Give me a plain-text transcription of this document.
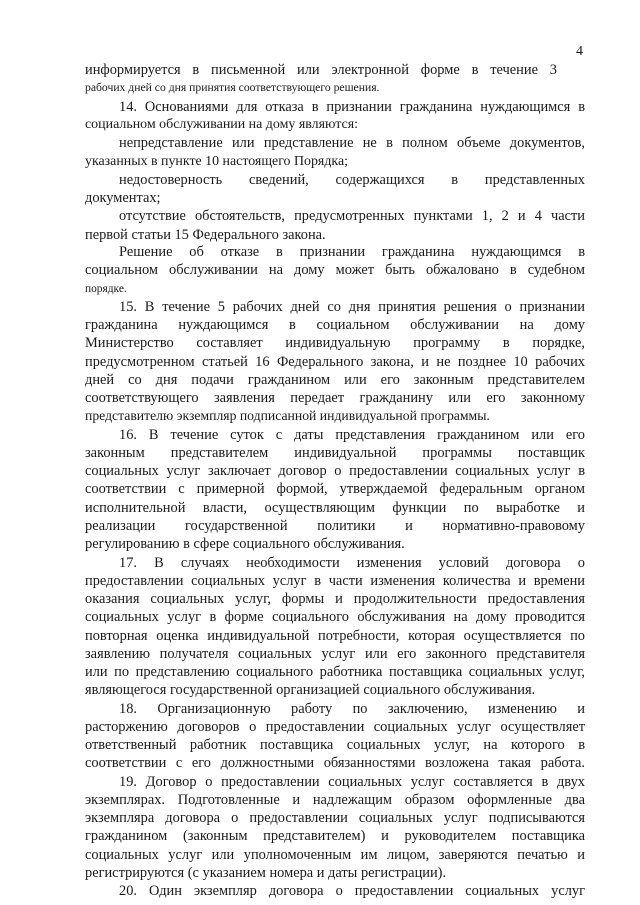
4
информируется в письменной или электронной форме в течение 3
рабочих дней со дня принятия соответствующего решения.
14. Основаниями для отказа в признании гражданина нуждающимся в
социальном обслуживании на дому являются:
непредставление или представление не в полном объеме документов,
указанных в пункте 10 настоящего Порядка;
недостоверность сведений, содержащихся в представленных
документах;
отсутствие обстоятельств, предусмотренных пунктами 1, 2 и 4 части
первой статьи 15 Федерального закона.
Решение об отказе в признании гражданина нуждающимся в
социальном обслуживании на дому может быть обжаловано в судебном
порядке.
15. В течение 5 рабочих дней со дня принятия решения о признании
гражданина нуждающимся в социальном обслуживании на дому
Министерство составляет индивидуальную программу в порядке,
предусмотренном статьей 16 Федерального закона, и не позднее 10 рабочих
дней со дня подачи гражданином или его законным представителем
соответствующего заявления передает гражданину или его законному
представителю экземпляр подписанной индивидуальной программы.
16. В течение суток с даты представления гражданином или его
законным представителем индивидуальной программы поставщик
социальных услуг заключает договор о предоставлении социальных услуг в
соответствии с примерной формой, утверждаемой федеральным органом
исполнительной власти, осуществляющим функции по выработке и
реализации государственной политики и нормативно-правовому
регулированию в сфере социального обслуживания.
17. В случаях необходимости изменения условий договора о
предоставлении социальных услуг в части изменения количества и времени
оказания социальных услуг, формы и продолжительности предоставления
социальных услуг в форме социального обслуживания на дому проводится
повторная оценка индивидуальной потребности, которая осуществляется по
заявлению получателя социальных услуг или его законного представителя
или по представлению социального работника поставщика социальных услуг,
являющегося государственной организацией социального обслуживания.
18. Организационную работу по заключению, изменению и
расторжению договоров о предоставлении социальных услуг осуществляет
ответственный работник поставщика социальных услуг, на которого в
соответствии с его должностными обязанностями возложена такая работа.
19. Договор о предоставлении социальных услуг составляется в двух
экземплярах. Подготовленные и надлежащим образом оформленные два
экземпляра договора о предоставлении социальных услуг подписываются
гражданином (законным представителем) и руководителем поставщика
социальных услуг или уполномоченным им лицом, заверяются печатью и
регистрируются (с указанием номера и даты регистрации).
20. Один экземпляр договора о предоставлении социальных услуг
